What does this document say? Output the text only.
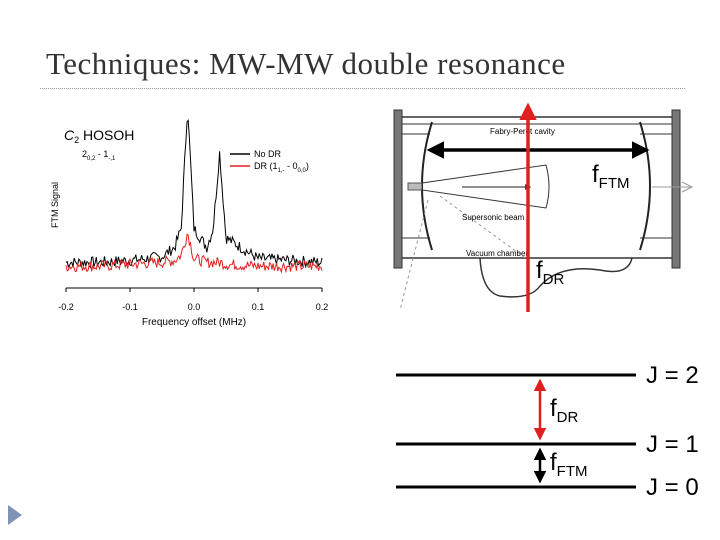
Techniques: MW-MW double resonance
FTM Signal
$C_2$ HOSOH
$2_{0,2} - 1_{-,1}$	No DR
DR $(1_{1,-} - 0_{0,0})$
-0.2	-0.1	0.0	0.1	0.2
Frequency offset (MHz)
Fabry-Perot cavity
Supersonic beam
Vacuum chamber
$f_{FTM}$
$f_{DR}$
J = 2
J = 1
J = 0
$f_{DR}$
$f_{FTM}$
